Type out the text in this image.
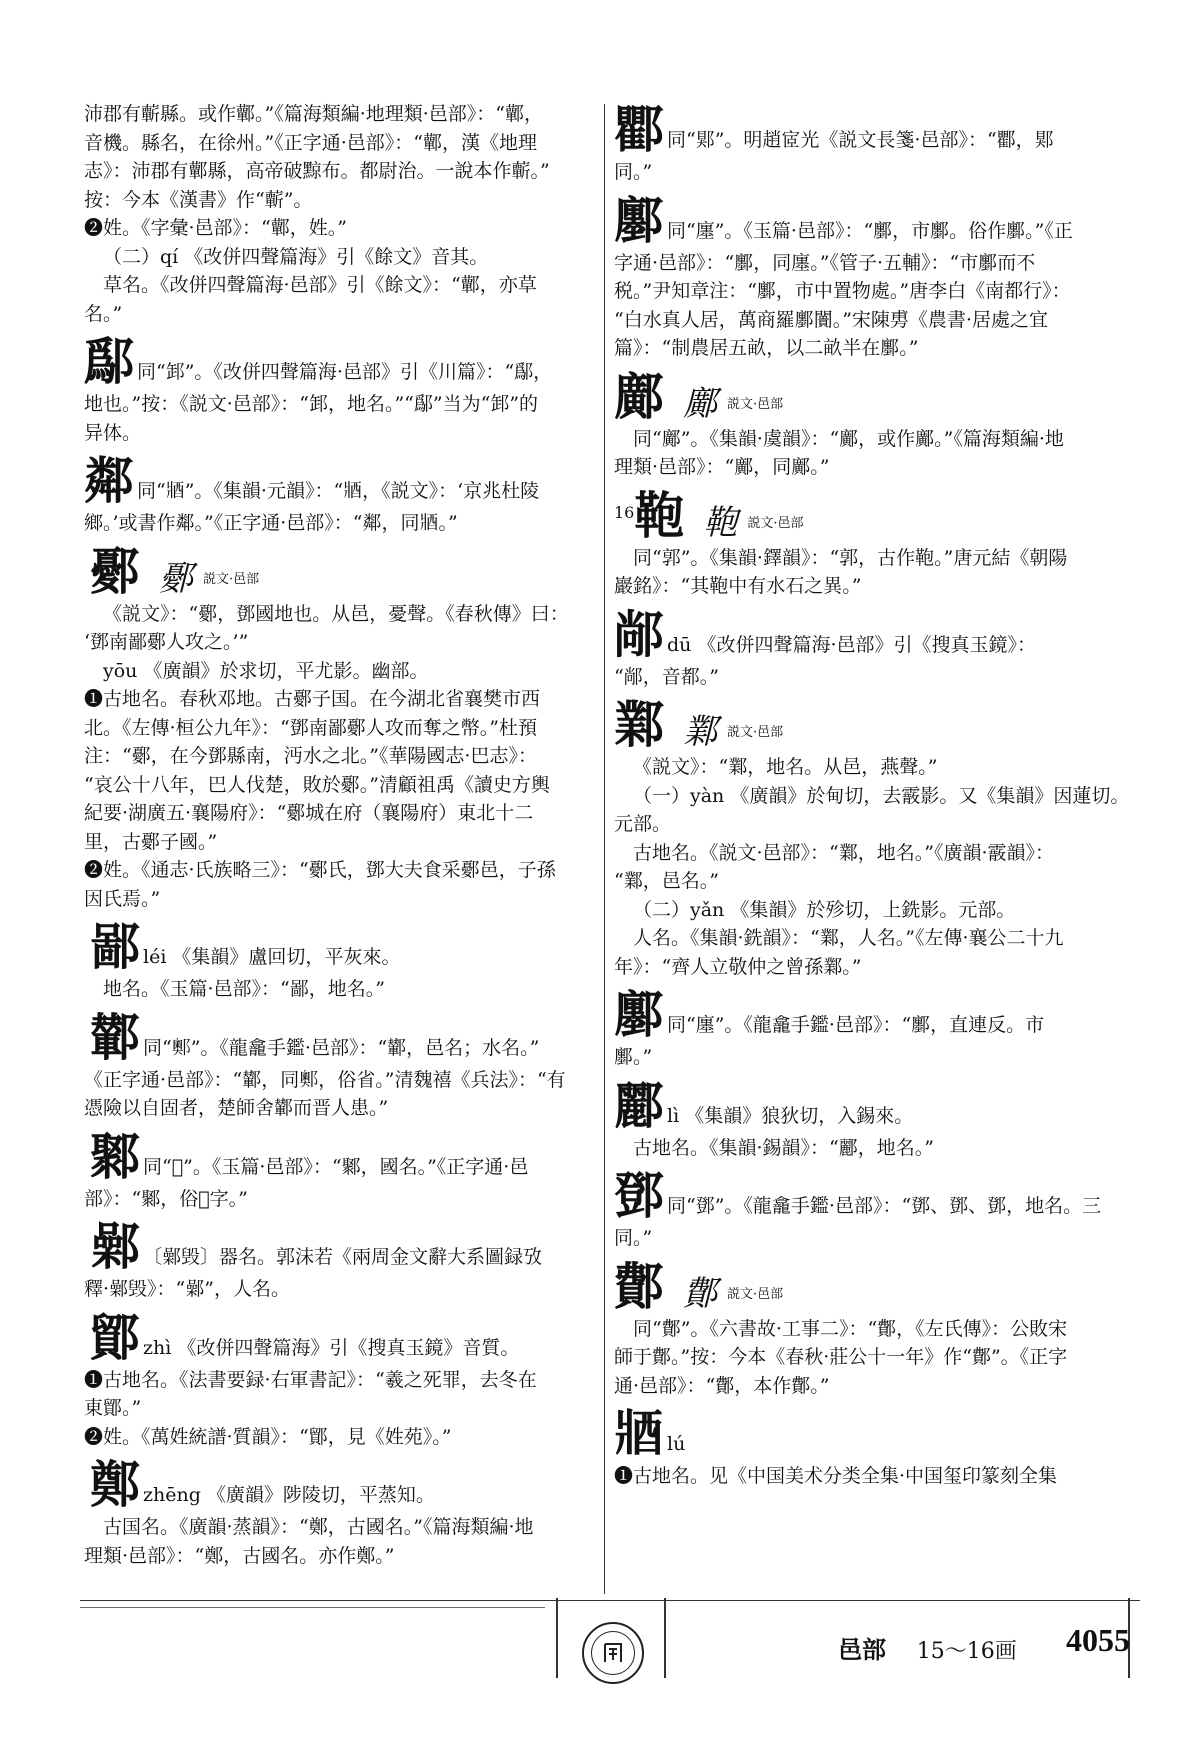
沛郡有蘄縣。或作鄿。”《篇海類編·地理類·邑部》：“鄿，
音機。縣名，在徐州。”《正字通·邑部》：“鄿，漢《地理
志》：沛郡有鄿縣，高帝破黥布。都尉治。一說本作蘄。”
按：今本《漢書》作“蘄”。
❷姓。《字彙·邑部》：“鄿，姓。”
（二）qí 《改併四聲篇海》引《餘文》音其。
草名。《改併四聲篇海·邑部》引《餘文》：“鄿，亦草
名。”
鄬 同“䣃”。《改併四聲篇海·邑部》引《川篇》：“鄬，
地也。”按：《説文·邑部》：“䣃，地名。”“鄬”当为“䣃”的
异体。
鄰 同“𨟻”。《集韻·元韻》：“𨟻，《説文》：‘京兆杜陵
鄉。’或書作鄰。”《正字通·邑部》：“鄰，同𨟻。”
鄾 鄾 説文·邑部
《説文》：“鄾，鄧國地也。从邑，憂聲。《春秋傳》曰：
‘鄧南鄙鄾人攻之。’”
yōu 《廣韻》於求切，平尤影。幽部。
❶古地名。春秋邓地。古鄾子国。在今湖北省襄樊市西
北。《左傳·桓公九年》：“鄧南鄙鄾人攻而奪之幣。”杜預
注：“鄾，在今鄧縣南，沔水之北。”《華陽國志·巴志》：
“哀公十八年，巴人伐楚，敗於鄾。”清顧祖禹《讀史方輿
紀要·湖廣五·襄陽府》：“鄾城在府（襄陽府）東北十二
里，古鄾子國。”
❷姓。《通志·氏族略三》：“鄾氏，鄧大夫食采鄾邑，子孫
因氏焉。”
鄙 léi 《集韻》盧回切，平灰來。
地名。《玉篇·邑部》：“鄙，地名。”
鄻 同“𨞓”。《龍龕手鑑·邑部》：“鄻，邑名；水名。”
《正字通·邑部》：“鄻，同𨞓，俗省。”清魏禧《兵法》：“有
憑險以自固者，楚師舍鄻而晋人患。”
鄹 同“𨛽”。《玉篇·邑部》：“鄹，國名。”《正字通·邑
部》：“鄹，俗𨛽字。”
鄵 〔鄵毁〕器名。郭沫若《兩周金文辭大系圖録攷
釋·鄵毁》：“鄵”，人名。
鄮 zhì 《改併四聲篇海》引《搜真玉鏡》音質。
❶古地名。《法書要録·右軍書記》：“羲之死罪，去冬在
東鄮。”
❷姓。《萬姓統譜·質韻》：“鄮，見《姓苑》。”
鄭 zhēng 《廣韻》陟陵切，平蒸知。
古国名。《廣韻·蒸韻》：“鄭，古國名。”《篇海類編·地
理類·邑部》：“鄭，古國名。亦作鄭。”
𨟠 同“郹”。明趙宧光《説文長箋·邑部》：“𨟠，郹
同。”
鄽 同“廛”。《玉篇·邑部》：“鄽，市鄽。俗作鄽。”《正
字通·邑部》：“鄽，同廛。”《管子·五輔》：“市鄽而不
税。”尹知章注：“鄽，市中置物處。”唐李白《南都行》：
“白水真人居，萬商羅鄽闠。”宋陳旉《農書·居處之宜
篇》：“制農居五畝，以二畝半在鄽。”
鄺 鄺 説文·邑部
同“鄺”。《集韻·虞韻》：“鄺，或作鄺。”《篇海類編·地
理類·邑部》：“鄺，同鄺。”
16 鞄 鞄 説文·邑部
同“郭”。《集韻·鐸韻》：“郭，古作鞄。”唐元結《朝陽
巖銘》：“其鞄中有水石之異。”
䣊 dū 《改併四聲篇海·邑部》引《搜真玉鏡》：
“䣊，音都。”
鄴 鄴 説文·邑部
《説文》：“鄴，地名。从邑，燕聲。”
（一）yàn 《廣韻》於甸切，去霰影。又《集韻》因蓮切。
元部。
古地名。《説文·邑部》：“鄴，地名。”《廣韻·霰韻》：
“鄴，邑名。”
（二）yǎn 《集韻》於殄切，上銑影。元部。
人名。《集韻·銑韻》：“鄴，人名。”《左傳·襄公二十九
年》：“齊人立敬仲之曾孫鄴。”
鄽 同“廛”。《龍龕手鑑·邑部》：“鄽，直連反。市
鄽。”
酈 lì 《集韻》狼狄切，入錫來。
古地名。《集韻·錫韻》：“酈，地名。”
鄧 同“鄧”。《龍龕手鑑·邑部》：“鄧、鄧、鄧，地名。三
同。”
鄪 鄪 説文·邑部
同“鄪”。《六書故·工事二》：“鄪，《左氏傳》：公敗宋
師于鄪。”按：今本《春秋·莊公十一年》作“鄪”。《正字
通·邑部》：“鄪，本作鄪。”
𨟻 lú
❶古地名。见《中国美术分类全集·中国玺印篆刻全集
邑部 15～16画 4055
